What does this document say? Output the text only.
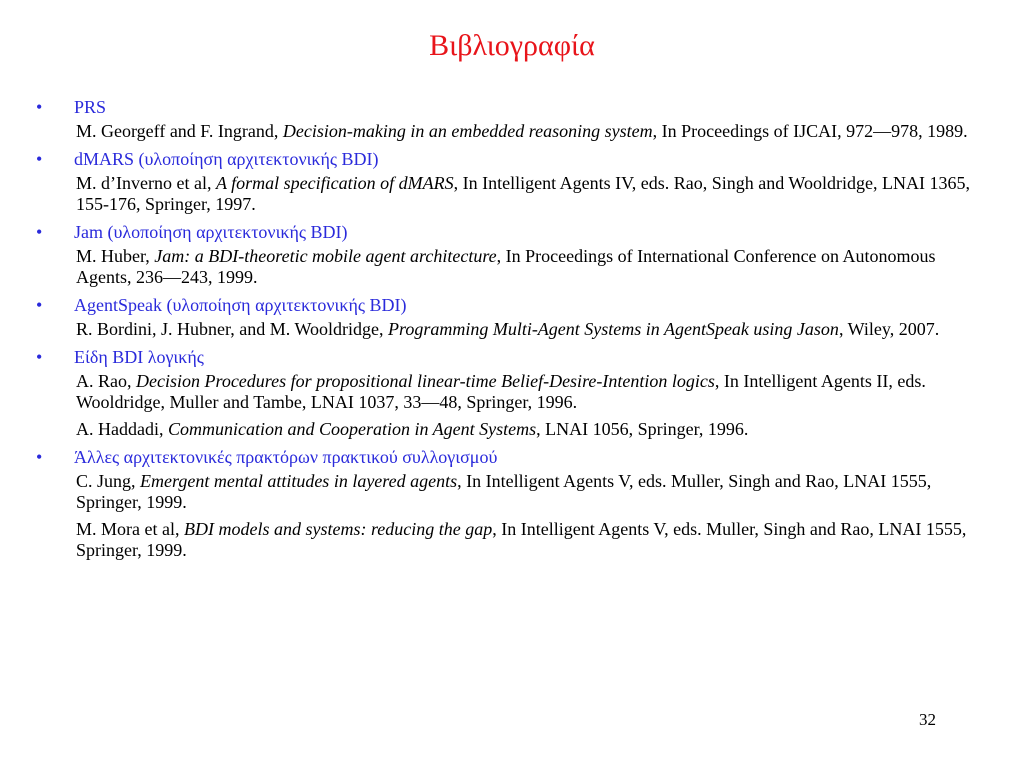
Βιβλιογραφία
•	PRS
M. Georgeff and F. Ingrand, Decision-making in an embedded reasoning system, In Proceedings of IJCAI, 972—978, 1989.
•	dMARS (υλοποίηση αρχιτεκτονικής BDI)
M. d’Inverno et al, A formal specification of dMARS, In Intelligent Agents IV, eds. Rao, Singh and Wooldridge, LNAI 1365, 155-176, Springer, 1997.
•	Jam (υλοποίηση αρχιτεκτονικής BDI)
M. Huber, Jam: a BDI-theoretic mobile agent architecture, In Proceedings of International Conference on Autonomous Agents, 236—243, 1999.
•	AgentSpeak (υλοποίηση αρχιτεκτονικής BDI)
R. Bordini, J. Hubner, and M. Wooldridge, Programming Multi-Agent Systems in AgentSpeak using Jason, Wiley, 2007.
•	Είδη BDI λογικής
A. Rao, Decision Procedures for propositional linear-time Belief-Desire-Intention logics, In Intelligent Agents II, eds. Wooldridge, Muller and Tambe, LNAI 1037, 33—48, Springer, 1996.
A. Haddadi, Communication and Cooperation in Agent Systems, LNAI 1056, Springer, 1996.
•	Άλλες αρχιτεκτονικές πρακτόρων πρακτικού συλλογισμού
C. Jung, Emergent mental attitudes in layered agents, In Intelligent Agents V, eds. Muller, Singh and Rao, LNAI 1555, Springer, 1999.
M. Mora et al, BDI models and systems: reducing the gap, In Intelligent Agents V, eds. Muller, Singh and Rao, LNAI 1555, Springer, 1999.
32
